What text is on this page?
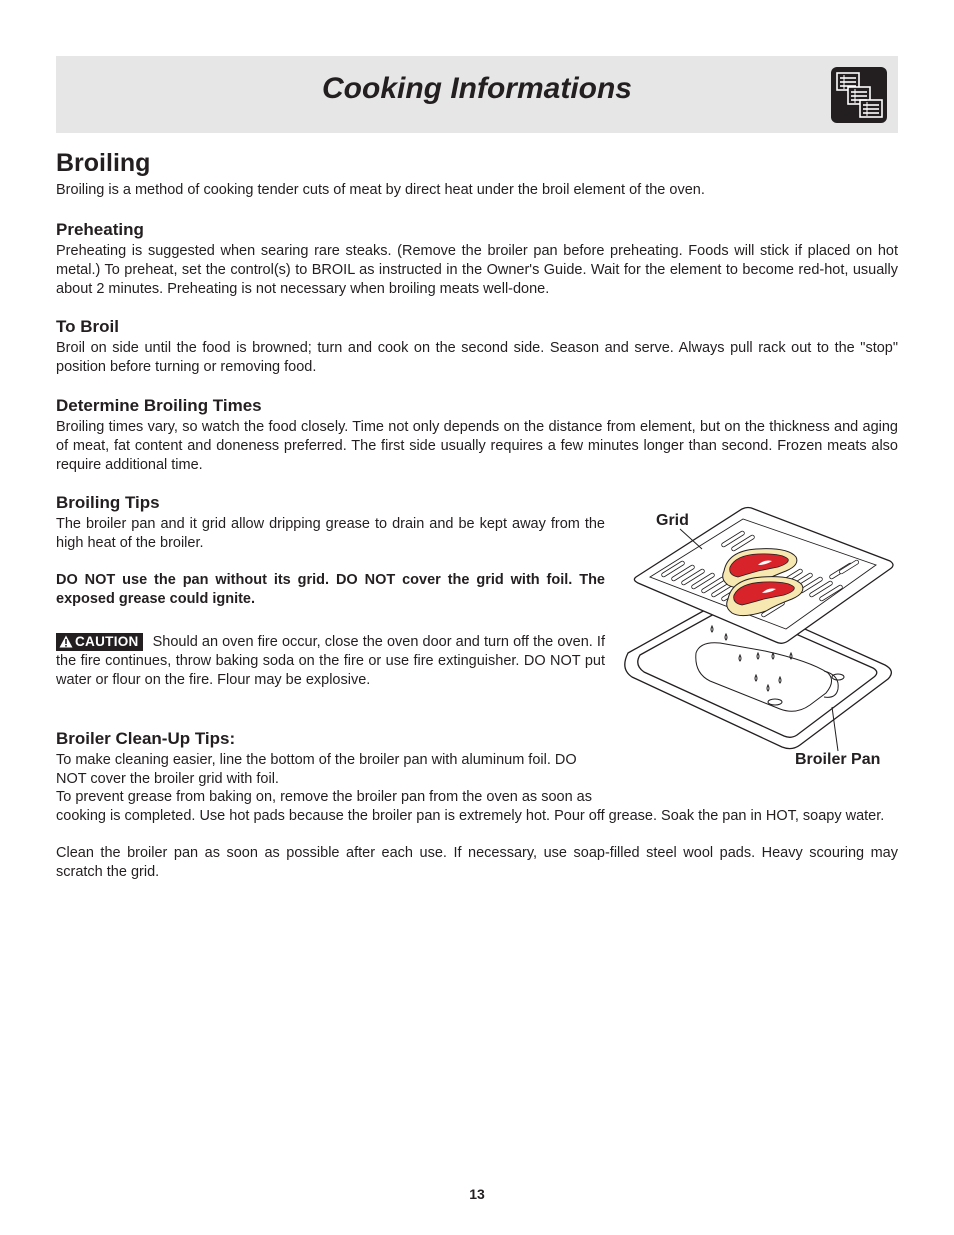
Cooking Informations
Broiling

Broiling is a method of cooking tender cuts of meat by direct heat under the broil element of the oven.

Preheating

Preheating is suggested when searing rare steaks. (Remove the broiler pan before preheating. Foods will stick if placed on hot metal.) To preheat, set the control(s) to BROIL as instructed in the Owner's Guide. Wait for the element to become red-hot, usually about 2 minutes. Preheating is not necessary when broiling meats well-done.

To Broil

Broil on side until the food is browned; turn and cook on the second side. Season and serve. Always pull rack out to the "stop" position before turning or removing food.

Determine Broiling Times

Broiling times vary, so watch the food closely. Time not only depends on the distance from element, but on the thickness and aging of meat, fat content and doneness preferred. The first side usually requires a few minutes longer than second. Frozen meats also require additional time.

Broiling Tips

The broiler pan and it grid allow dripping grease to drain and be kept away from the high heat of the broiler.

DO NOT use the pan without its grid. DO NOT cover the grid with foil. The exposed grease could ignite.

CAUTION Should an oven fire occur, close the oven door and turn off the oven. If the fire continues, throw baking soda on the fire or use fire extinguisher. DO NOT put water or flour on the fire. Flour may be explosive.

Broiler Clean-Up Tips:

To make cleaning easier, line the bottom of the broiler pan with aluminum foil. DO NOT cover the broiler grid with foil.

To prevent grease from baking on, remove the broiler pan from the oven as soon as

cooking is completed. Use hot pads because the broiler pan is extremely hot. Pour off grease. Soak the pan in HOT, soapy water.

Clean the broiler pan as soon as possible after each use. If necessary, use soap-filled steel wool pads. Heavy scouring may scratch the grid.

Grid
Broiler Pan
13
